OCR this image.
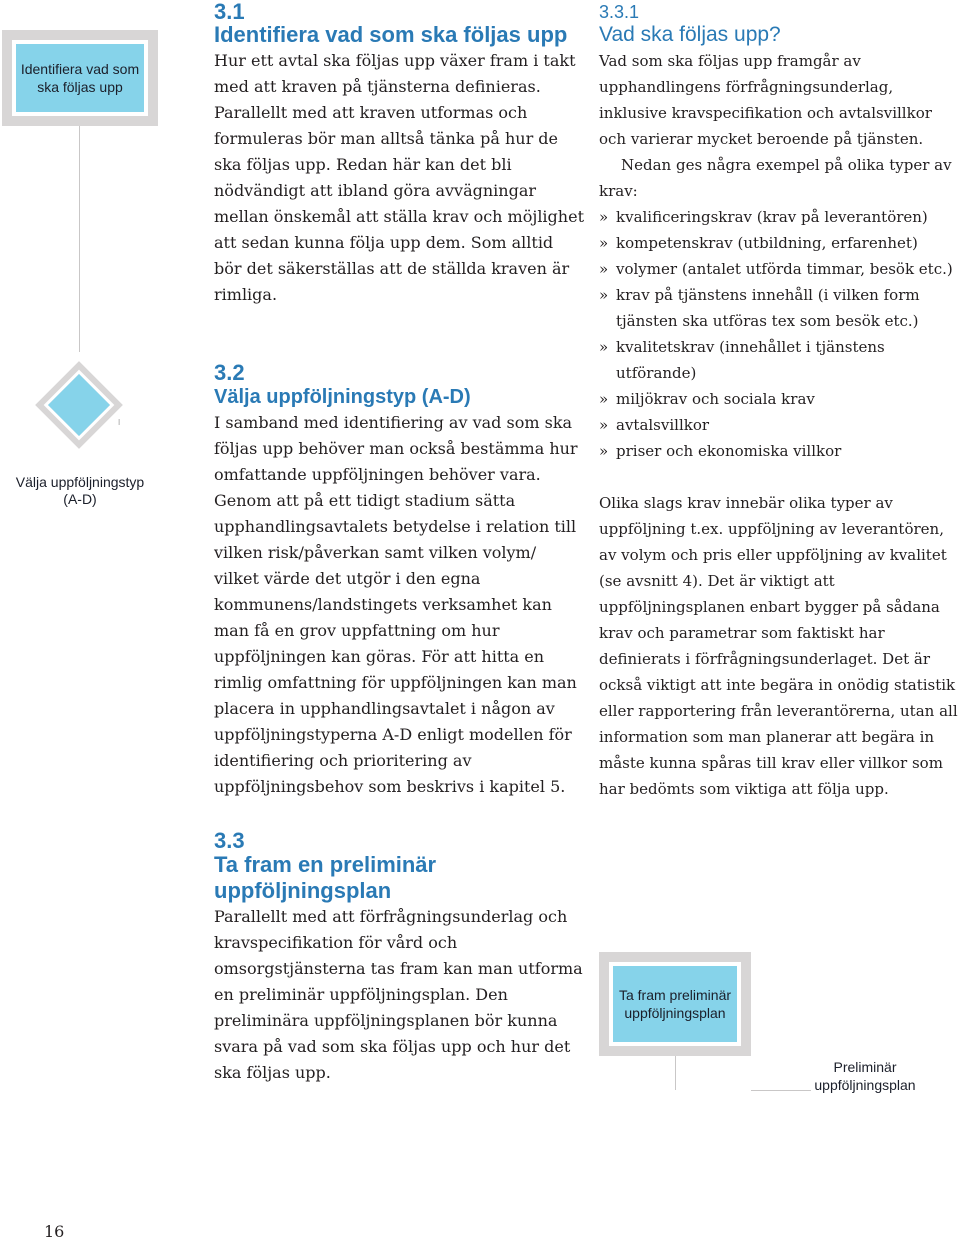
Identifiera vad som ska följas upp
I
Välja uppföljningstyp (A-D)
3.1
Identifiera vad som ska följas upp

Hur ett avtal ska följas upp växer fram i takt med att kraven på tjänsterna definieras. Parallellt med att kraven utformas och formuleras bör man alltså tänka på hur de ska följas upp. Redan här kan det bli nödvändigt att ibland göra avvägningar mellan önskemål att ställa krav och möjlighet att sedan kunna följa upp dem. Som alltid bör det säkerställas att de ställda kraven är rimliga.

3.2
Välja uppföljningstyp (A-D)

I samband med identifiering av vad som ska följas upp behöver man också bestämma hur omfattande uppföljningen behöver vara. Genom att på ett tidigt stadium sätta upphandlingsavtalets betydelse i relation till vilken risk/påverkan samt vilken volym/ vilket värde det utgör i den egna kommunens/landstingets verksamhet kan man få en grov uppfattning om hur uppföljningen kan göras. För att hitta en rimlig omfattning för uppföljningen kan man placera in upphandlingsavtalet i någon av uppföljningstyperna A-D enligt modellen för identifiering och prioritering av uppföljningsbehov som beskrivs i kapitel 5.

3.3
Ta fram en preliminär uppföljningsplan

Parallellt med att förfrågningsunderlag och kravspecifikation för vård och omsorgstjänsterna tas fram kan man utforma en preliminär uppföljningsplan. Den preliminära uppföljningsplanen bör kunna svara på vad som ska följas upp och hur det ska följas upp.

3.3.1
Vad ska följas upp?

Vad som ska följas upp framgår av upphandlingens förfrågningsunderlag, inklusive kravspecifikation och avtalsvillkor och varierar mycket beroende på tjänsten.

Nedan ges några exempel på olika typer av krav:

» kvalificeringskrav (krav på leverantören)
» kompetenskrav (utbildning, erfarenhet)
» volymer (antalet utförda timmar, besök etc.)
» krav på tjänstens innehåll (i vilken form tjänsten ska utföras tex som besök etc.)
» kvalitetskrav (innehållet i tjänstens utförande)
» miljökrav och sociala krav
» avtalsvillkor
» priser och ekonomiska villkor

Olika slags krav innebär olika typer av uppföljning t.ex. uppföljning av leverantören, av volym och pris eller uppföljning av kvalitet (se avsnitt 4). Det är viktigt att uppföljningsplanen enbart bygger på sådana krav och parametrar som faktiskt har definierats i förfrågningsunderlaget. Det är också viktigt att inte begära in onödig statistik eller rapportering från leverantörerna, utan all information som man planerar att begära in måste kunna spåras till krav eller villkor som har bedömts som viktiga att följa upp.

Ta fram preliminär uppföljningsplan
Preliminär uppföljningsplan
16
